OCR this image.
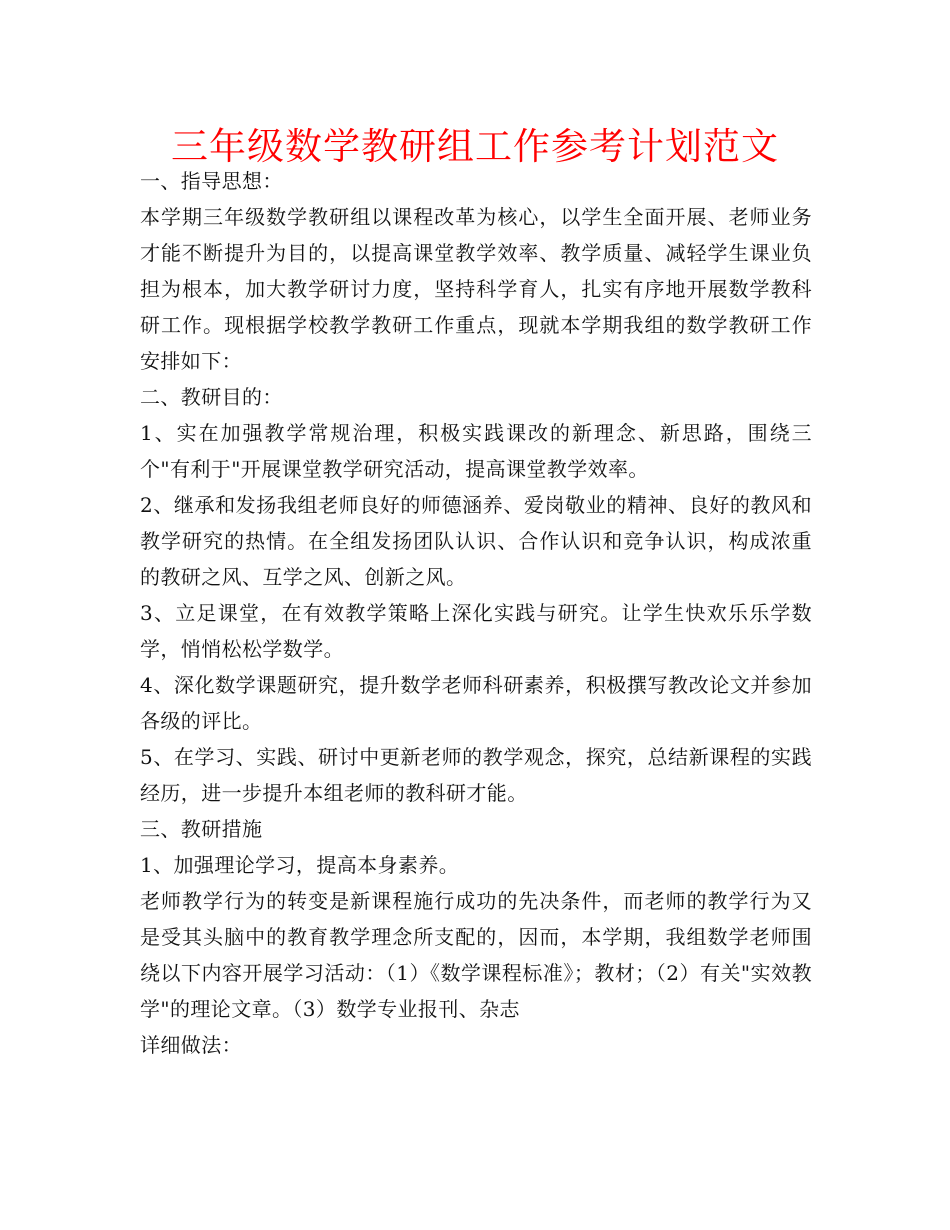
三年级数学教研组工作参考计划范文

一、指导思想：

本学期三年级数学教研组以课程改革为核心，以学生全面开展、老师业务才能不断提升为目的，以提高课堂教学效率、教学质量、减轻学生课业负担为根本，加大教学研讨力度，坚持科学育人，扎实有序地开展数学教科研工作。现根据学校教学教研工作重点，现就本学期我组的数学教研工作安排如下：

二、教研目的：

1、实在加强教学常规治理，积极实践课改的新理念、新思路，围绕三个"有利于"开展课堂教学研究活动，提高课堂教学效率。

2、继承和发扬我组老师良好的师德涵养、爱岗敬业的精神、良好的教风和教学研究的热情。在全组发扬团队认识、合作认识和竞争认识，构成浓重的教研之风、互学之风、创新之风。

3、立足课堂，在有效教学策略上深化实践与研究。让学生快欢乐乐学数学，悄悄松松学数学。

4、深化数学课题研究，提升数学老师科研素养，积极撰写教改论文并参加各级的评比。

5、在学习、实践、研讨中更新老师的教学观念，探究，总结新课程的实践经历，进一步提升本组老师的教科研才能。

三、教研措施

1、加强理论学习，提高本身素养。

老师教学行为的转变是新课程施行成功的先决条件，而老师的教学行为又是受其头脑中的教育教学理念所支配的，因而，本学期，我组数学老师围绕以下内容开展学习活动：（1）《数学课程标准》；教材；（2）有关"实效教学"的理论文章。（3）数学专业报刊、杂志

详细做法：
